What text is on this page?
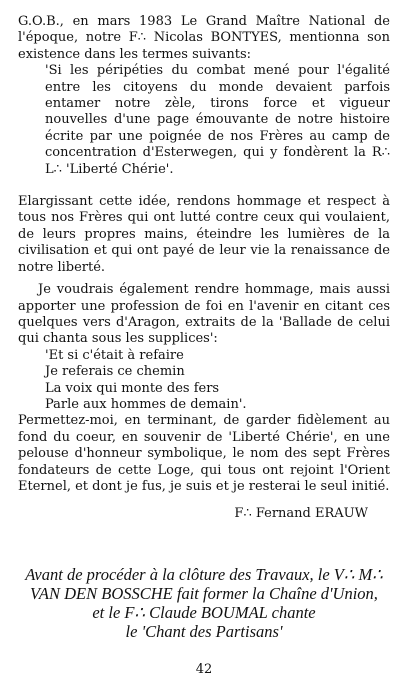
G.O.B., en mars 1983 Le Grand Maître National de l'époque, notre F∴ Nicolas BONTYES, mentionna son existence dans les termes suivants:

'Si les péripéties du combat mené pour l'égalité entre les citoyens du monde devaient parfois entamer notre zèle, tirons force et vigueur nouvelles d'une page émouvante de notre histoire écrite par une poignée de nos Frères au camp de concentration d'Esterwegen, qui y fondèrent la R∴ L∴ 'Liberté Chérie'.

Elargissant cette idée, rendons hommage et respect à tous nos Frères qui ont lutté contre ceux qui voulaient, de leurs propres mains, éteindre les lumières de la civilisation et qui ont payé de leur vie la renaissance de notre liberté.

Je voudrais également rendre hommage, mais aussi apporter une profession de foi en l'avenir en citant ces quelques vers d'Aragon, extraits de la 'Ballade de celui qui chanta sous les supplices':

'Et si c'était à refaire
Je referais ce chemin
La voix qui monte des fers
Parle aux hommes de demain'.

Permettez-moi, en terminant, de garder fidèlement au fond du coeur, en souvenir de 'Liberté Chérie', en une pelouse d'honneur symbolique, le nom des sept Frères fondateurs de cette Loge, qui tous ont rejoint l'Orient Eternel, et dont je fus, je suis et je resterai le seul initié.

F∴ Fernand ERAUW
Avant de procéder à la clôture des Travaux, le V∴ M∴
VAN DEN BOSSCHE fait former la Chaîne d'Union,
et le F∴ Claude BOUMAL chante
le 'Chant des Partisans'
42
